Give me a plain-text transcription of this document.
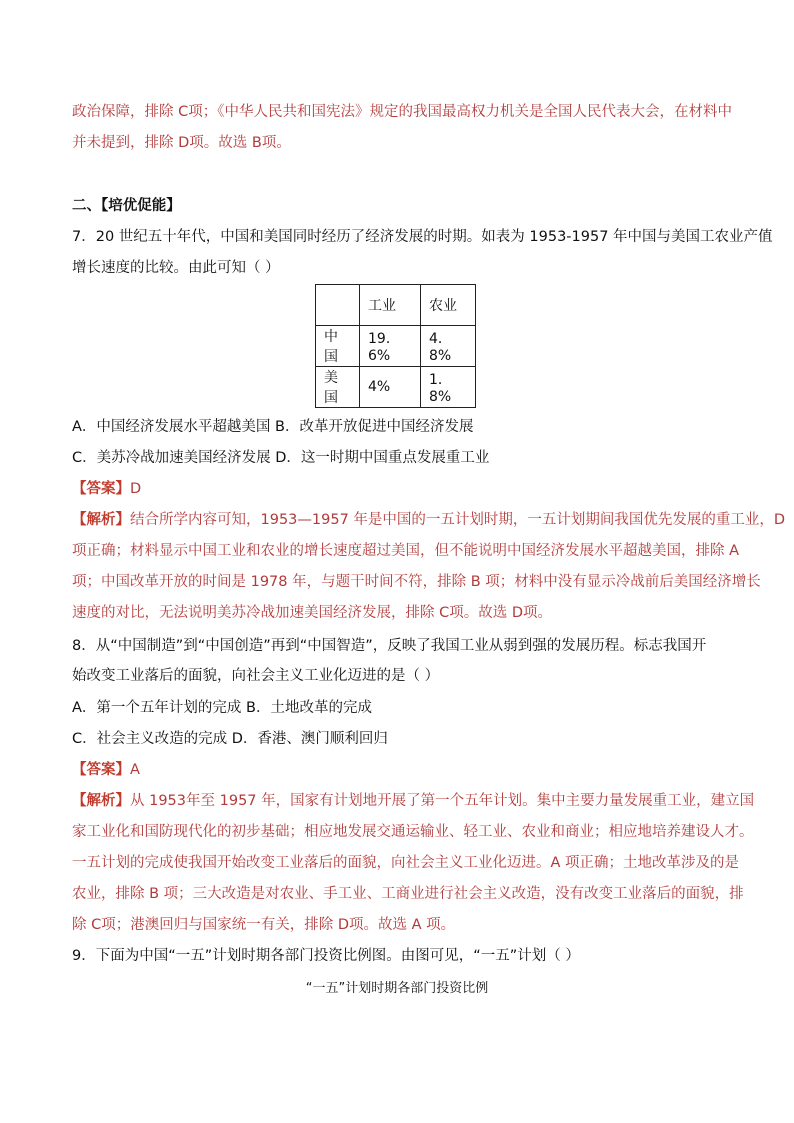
政治保障，排除 C项；《中华人民共和国宪法》规定的我国最高权力机关是全国人民代表大会，在材料中
并未提到，排除 D项。故选 B项。
二、【培优促能】
7．20 世纪五十年代，中国和美国同时经历了经济发展的时期。如表为 1953-1957 年中国与美国工农业产值
增长速度的比较。由此可知（ ）
	工业	农业
中国	19．6%	4．8%
美国	4%	1．8%
A．中国经济发展水平超越美国 B．改革开放促进中国经济发展
C．美苏冷战加速美国经济发展 D．这一时期中国重点发展重工业
【答案】D
【解析】结合所学内容可知，1953—1957 年是中国的一五计划时期，一五计划期间我国优先发展的重工业，D
项正确；材料显示中国工业和农业的增长速度超过美国，但不能说明中国经济发展水平超越美国，排除 A
项；中国改革开放的时间是 1978 年，与题干时间不符，排除 B 项；材料中没有显示冷战前后美国经济增长
速度的对比，无法说明美苏冷战加速美国经济发展，排除 C项。故选 D项。
8．从“中国制造”到“中国创造”再到“中国智造”，反映了我国工业从弱到强的发展历程。标志我国开
始改变工业落后的面貌，向社会主义工业化迈进的是（ ）
A．第一个五年计划的完成 B．土地改革的完成
C．社会主义改造的完成 D．香港、澳门顺利回归
【答案】A
【解析】从 1953年至 1957 年，国家有计划地开展了第一个五年计划。集中主要力量发展重工业，建立国
家工业化和国防现代化的初步基础；相应地发展交通运输业、轻工业、农业和商业；相应地培养建设人才。
一五计划的完成使我国开始改变工业落后的面貌，向社会主义工业化迈进。A 项正确；土地改革涉及的是
农业，排除 B 项；三大改造是对农业、手工业、工商业进行社会主义改造，没有改变工业落后的面貌，排
除 C项；港澳回归与国家统一有关，排除 D项。故选 A 项。
9．下面为中国“一五”计划时期各部门投资比例图。由图可见，“一五”计划（ ）
“一五”计划时期各部门投资比例
